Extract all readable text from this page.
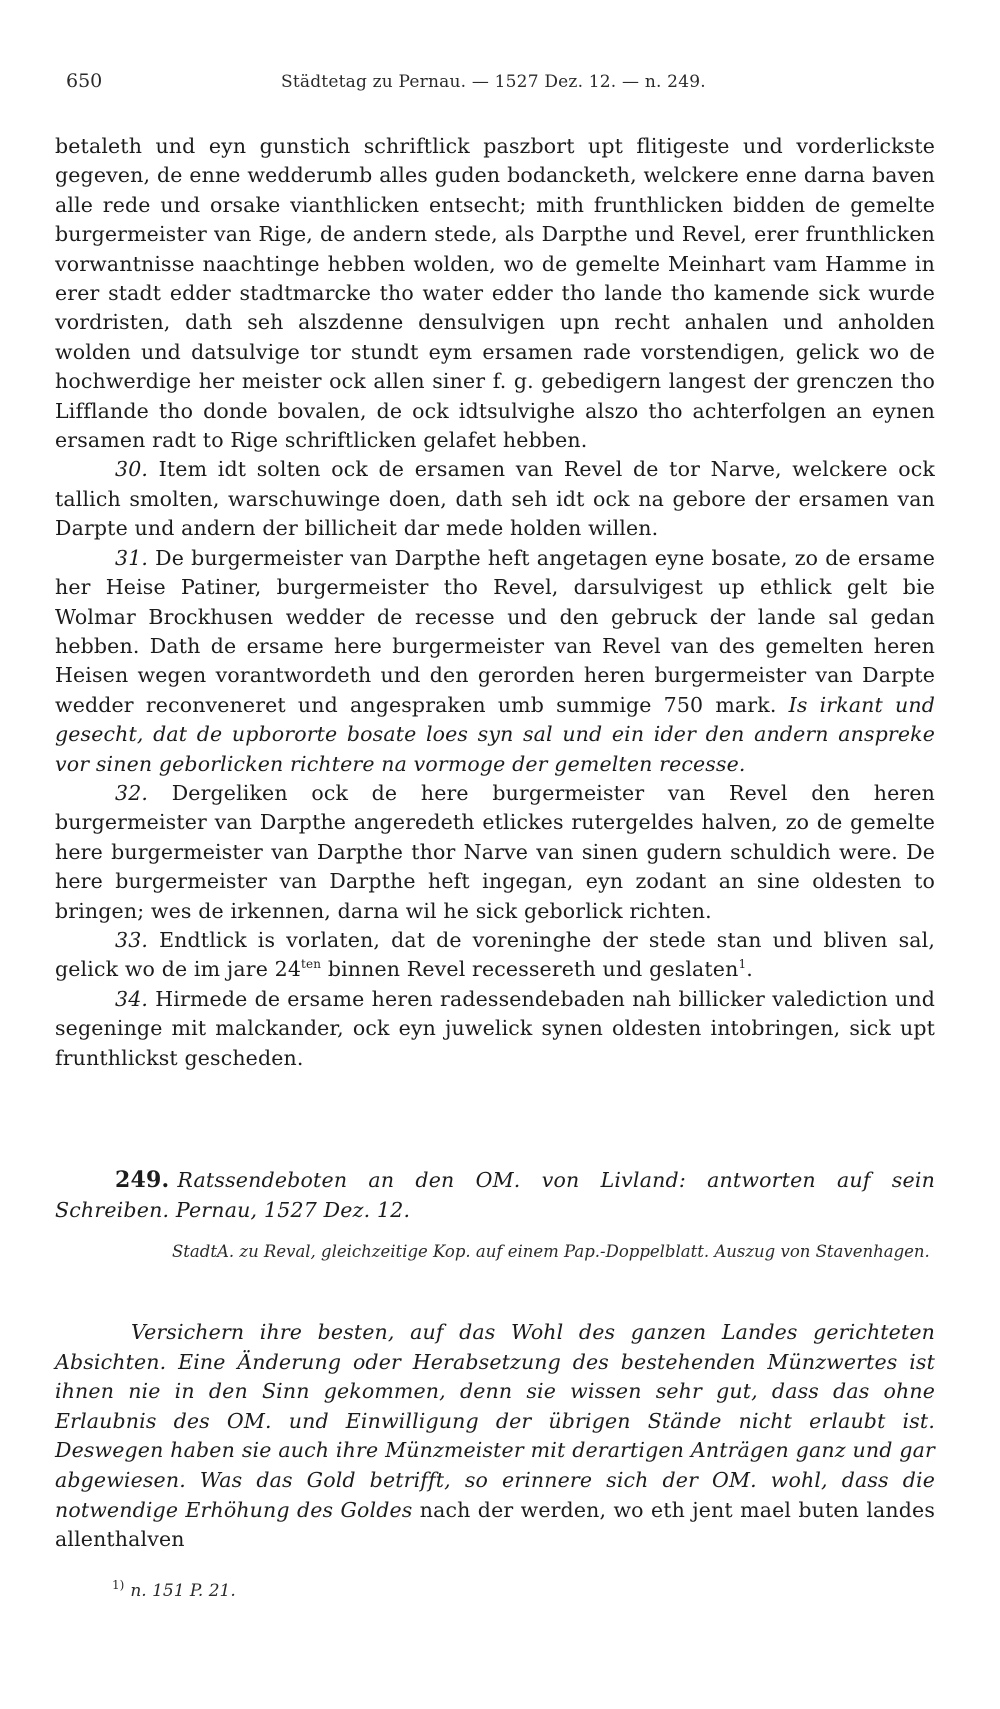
650	Städtetag zu Pernau. — 1527 Dez. 12. — n. 249.

betaleth und eyn gunstich schriftlick paszbort upt flitigeste und vorderlickste gegeven, de enne wedderumb alles guden bodancketh, welckere enne darna baven alle rede und orsake vianthlicken entsecht; mith frunthlicken bidden de gemelte burgermeister van Rige, de andern stede, als Darpthe und Revel, erer frunthlicken vorwantnisse naachtinge hebben wolden, wo de gemelte Meinhart vam Hamme in erer stadt edder stadtmarcke tho water edder tho lande tho kamende sick wurde vordristen, dath seh alszdenne densulvigen upn recht anhalen und anholden wolden und datsulvige tor stundt eym ersamen rade vorstendigen, gelick wo de hochwerdige her meister ock allen siner f. g. gebedigern langest der grenczen tho Lifflande tho donde bovalen, de ock idtsulvighe alszo tho achterfolgen an eynen ersamen radt to Rige schriftlicken gelafet hebben.

30. Item idt solten ock de ersamen van Revel de tor Narve, welckere ock tallich smolten, warschuwinge doen, dath seh idt ock na gebore der ersamen van Darpte und andern der billicheit dar mede holden willen.

31. De burgermeister van Darpthe heft angetagen eyne bosate, zo de ersame her Heise Patiner, burgermeister tho Revel, darsulvigest up ethlick gelt bie Wolmar Brockhusen wedder de recesse und den gebruck der lande sal gedan hebben. Dath de ersame here burgermeister van Revel van des gemelten heren Heisen wegen vorantwordeth und den gerorden heren burgermeister van Darpte wedder reconveneret und angespraken umb summige 750 mark. Is irkant und gesecht, dat de upbororte bosate loes syn sal und ein ider den andern anspreke vor sinen geborlicken richtere na vormoge der gemelten recesse.

32. Dergeliken ock de here burgermeister van Revel den heren burgermeister van Darpthe angeredeth etlickes rutergeldes halven, zo de gemelte here burgermeister van Darpthe thor Narve van sinen gudern schuldich were. De here burgermeister van Darpthe heft ingegan, eyn zodant an sine oldesten to bringen; wes de irkennen, darna wil he sick geborlick richten.

33. Endtlick is vorlaten, dat de voreninghe der stede stan und bliven sal, gelick wo de im jare $24^{ten}$ binnen Revel recessereth und geslaten$^1$.

34. Hirmede de ersame heren radessendebaden nah billicker valediction und segeninge mit malckander, ock eyn juwelick synen oldesten intobringen, sick upt frunthlickst gescheden.

249. Ratssendeboten an den OM. von Livland: antworten auf sein Schreiben. Pernau, 1527 Dez. 12.
StadtA. zu Reval, gleichzeitige Kop. auf einem Pap.-Doppelblatt. Auszug von Stavenhagen.

Versichern ihre besten, auf das Wohl des ganzen Landes gerichteten Absichten. Eine Änderung oder Herabsetzung des bestehenden Münzwertes ist ihnen nie in den Sinn gekommen, denn sie wissen sehr gut, dass das ohne Erlaubnis des OM. und Einwilligung der übrigen Stände nicht erlaubt ist. Deswegen haben sie auch ihre Münzmeister mit derartigen Anträgen ganz und gar abgewiesen. Was das Gold betrifft, so erinnere sich der OM. wohl, dass die notwendige Erhöhung des Goldes nach der werden, wo eth jent mael buten landes allenthalven

$^{1)}$ n. 151 P. 21.
